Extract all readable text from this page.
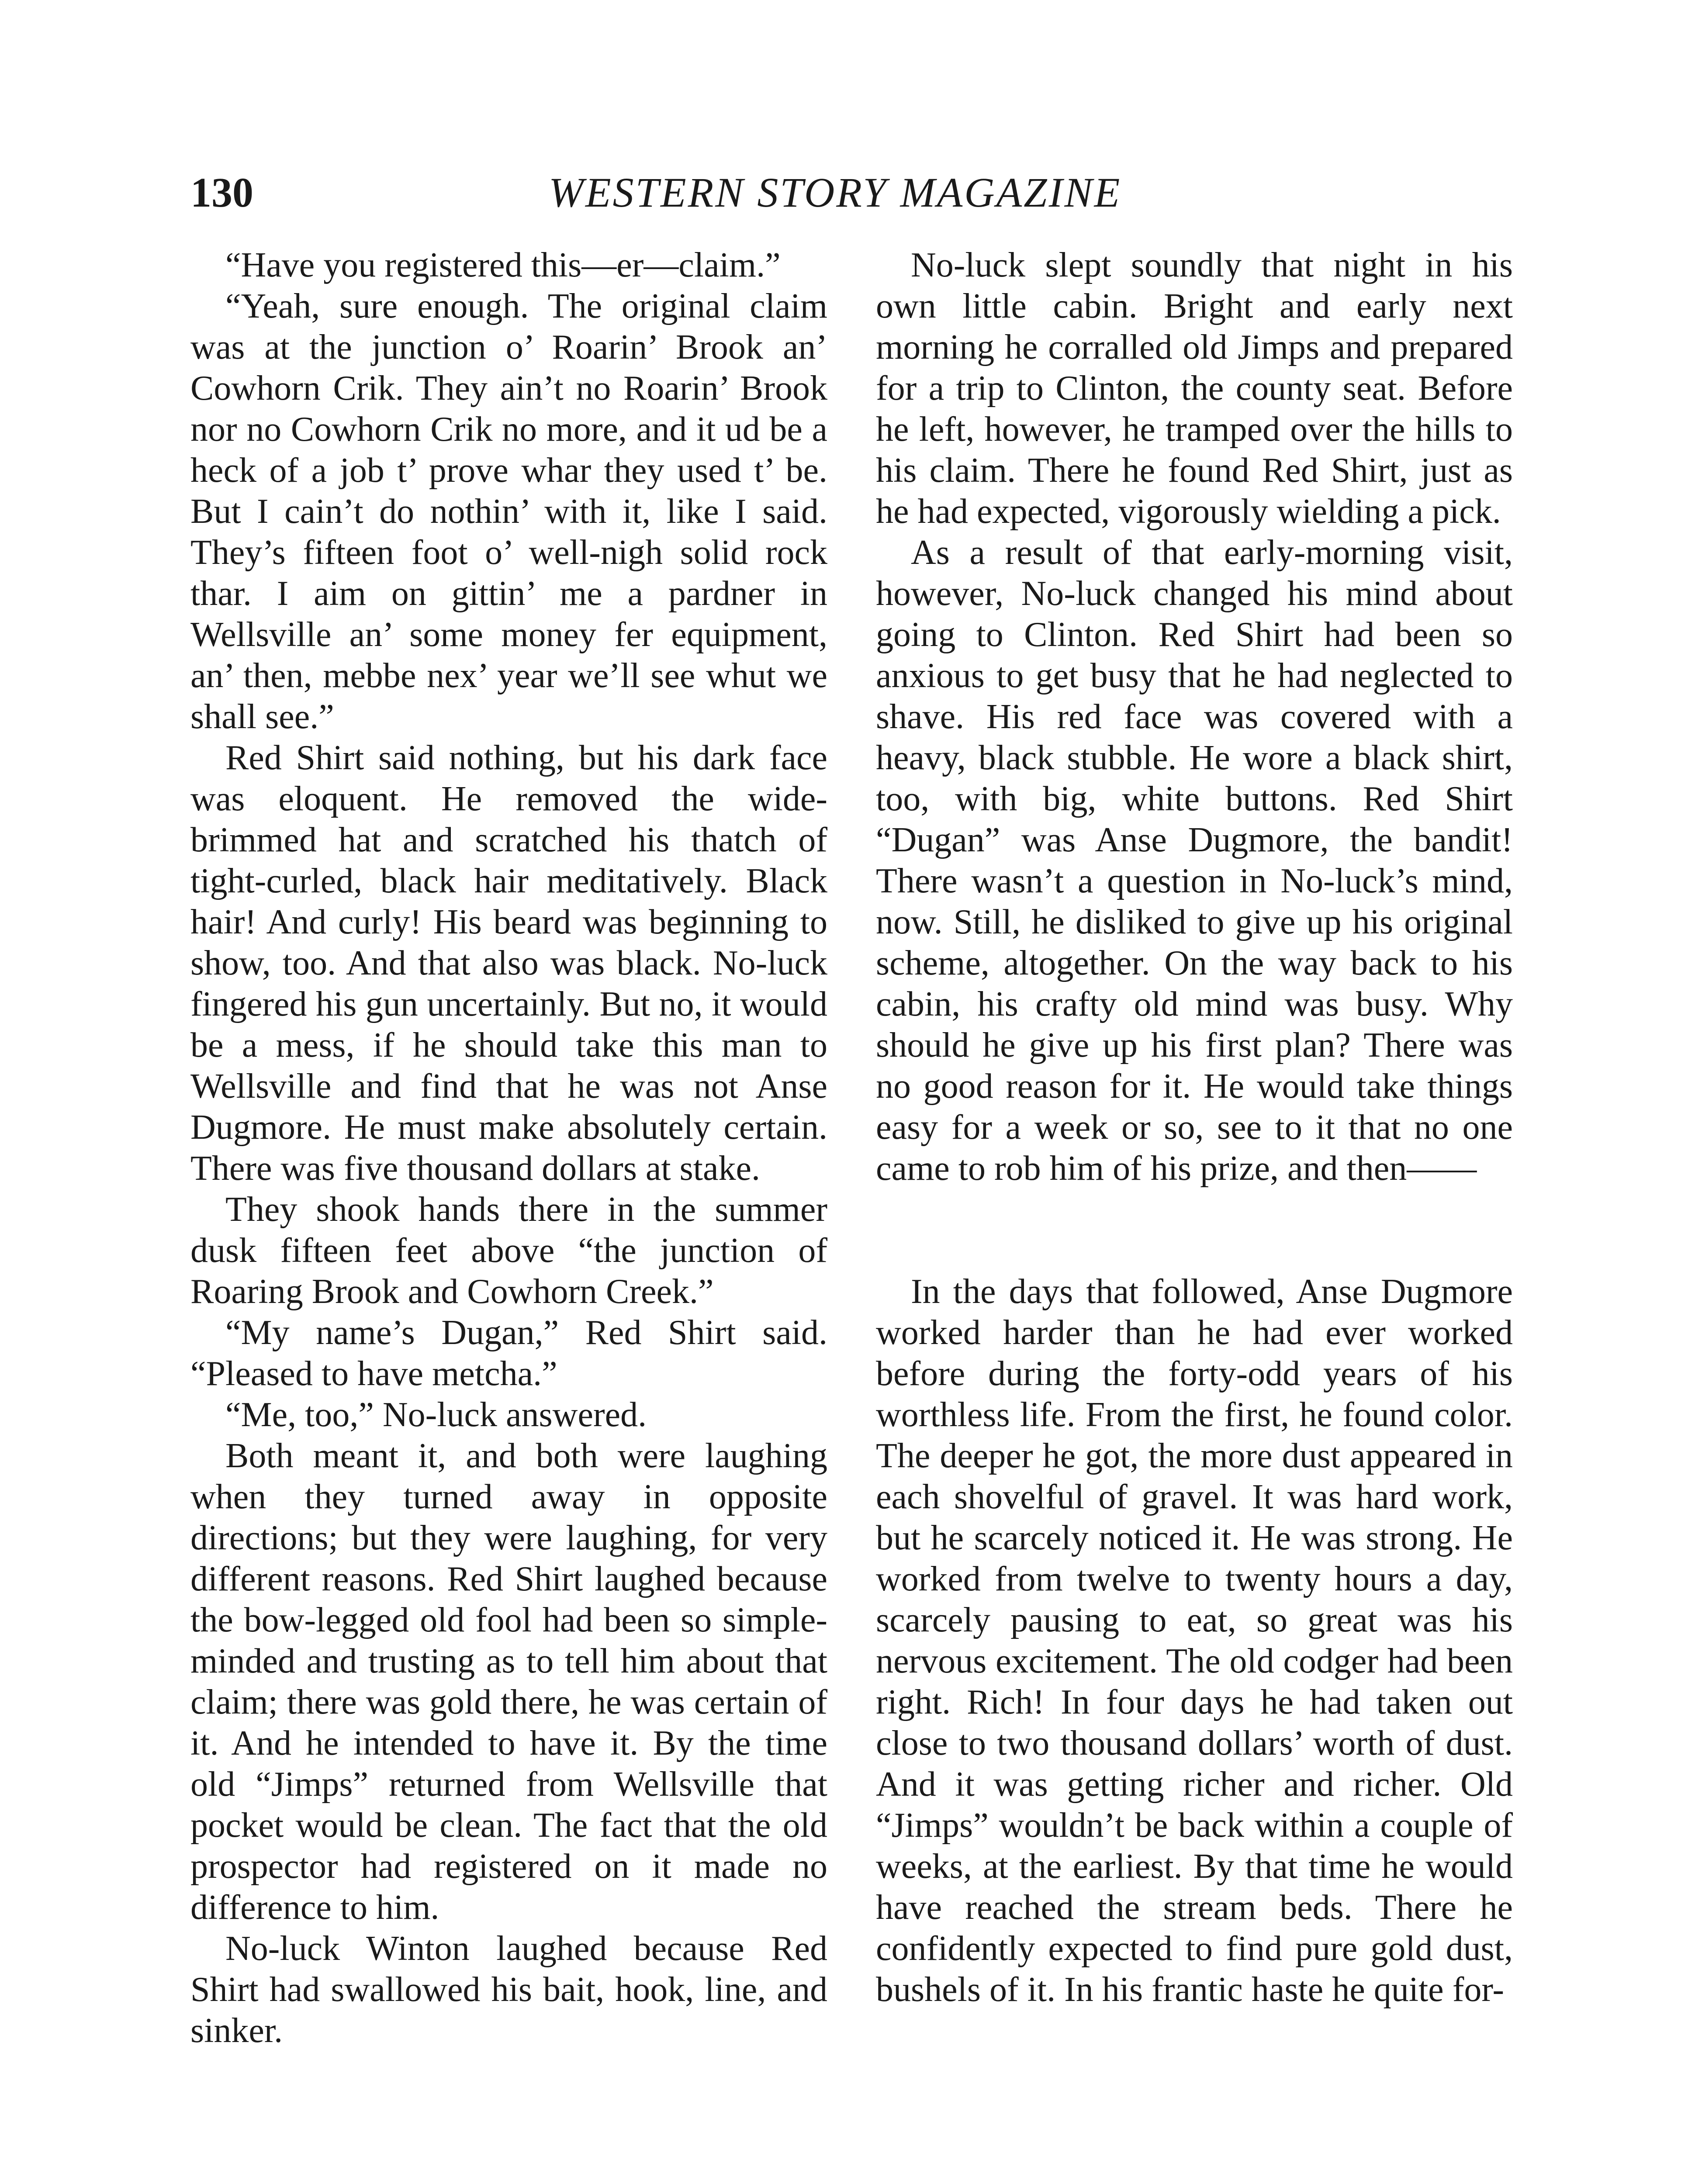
130	WESTERN STORY MAGAZINE

“Have you registered this—er—claim.”

“Yeah, sure enough. The original claim was at the junction o’ Roarin’ Brook an’ Cowhorn Crik. They ain’t no Roarin’ Brook nor no Cowhorn Crik no more, and it ud be a heck of a job t’ prove whar they used t’ be. But I cain’t do nothin’ with it, like I said. They’s fifteen foot o’ well-nigh solid rock thar. I aim on gittin’ me a pardner in Wellsville an’ some money fer equipment, an’ then, mebbe nex’ year we’ll see whut we shall see.”

Red Shirt said nothing, but his dark face was eloquent. He removed the wide-brimmed hat and scratched his thatch of tight-curled, black hair meditatively. Black hair! And curly! His beard was beginning to show, too. And that also was black. No-luck fingered his gun uncertainly. But no, it would be a mess, if he should take this man to Wellsville and find that he was not Anse Dugmore. He must make absolutely certain. There was five thousand dollars at stake.

They shook hands there in the summer dusk fifteen feet above “the junction of Roaring Brook and Cowhorn Creek.”

“My name’s Dugan,” Red Shirt said. “Pleased to have metcha.”

“Me, too,” No-luck answered.

Both meant it, and both were laughing when they turned away in opposite directions; but they were laughing, for very different reasons. Red Shirt laughed because the bow-legged old fool had been so simple-minded and trusting as to tell him about that claim; there was gold there, he was certain of it. And he intended to have it. By the time old “Jimps” returned from Wellsville that pocket would be clean. The fact that the old prospector had registered on it made no difference to him.

No-luck Winton laughed because Red Shirt had swallowed his bait, hook, line, and sinker.

No-luck slept soundly that night in his own little cabin. Bright and early next morning he corralled old Jimps and prepared for a trip to Clinton, the county seat. Before he left, however, he tramped over the hills to his claim. There he found Red Shirt, just as he had expected, vigorously wielding a pick.

As a result of that early-morning visit, however, No-luck changed his mind about going to Clinton. Red Shirt had been so anxious to get busy that he had neglected to shave. His red face was covered with a heavy, black stubble. He wore a black shirt, too, with big, white buttons. Red Shirt “Dugan” was Anse Dugmore, the bandit! There wasn’t a question in No-luck’s mind, now. Still, he disliked to give up his original scheme, altogether. On the way back to his cabin, his crafty old mind was busy. Why should he give up his first plan? There was no good reason for it. He would take things easy for a week or so, see to it that no one came to rob him of his prize, and then——

In the days that followed, Anse Dugmore worked harder than he had ever worked before during the forty-odd years of his worthless life. From the first, he found color. The deeper he got, the more dust appeared in each shovelful of gravel. It was hard work, but he scarcely noticed it. He was strong. He worked from twelve to twenty hours a day, scarcely pausing to eat, so great was his nervous excitement. The old codger had been right. Rich! In four days he had taken out close to two thousand dollars’ worth of dust. And it was getting richer and richer. Old “Jimps” wouldn’t be back within a couple of weeks, at the earliest. By that time he would have reached the stream beds. There he confidently expected to find pure gold dust, bushels of it. In his frantic haste he quite for-
